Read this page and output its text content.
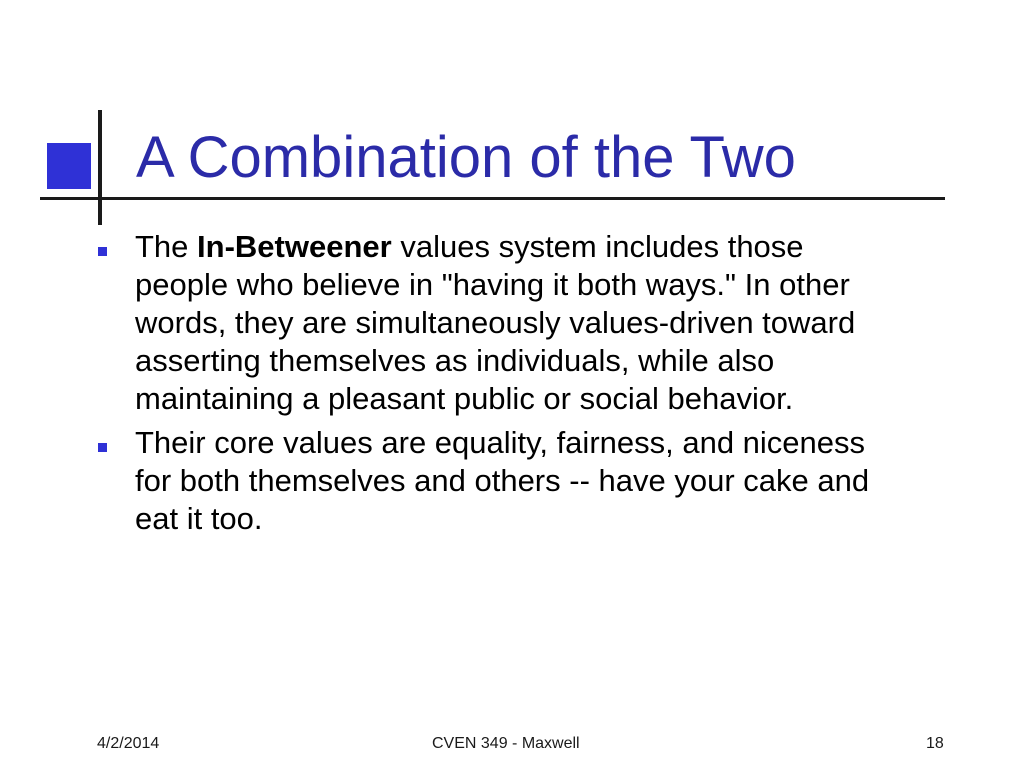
A Combination of the Two
The In-Betweener values system includes those people who believe in "having it both ways." In other words, they are simultaneously values-driven toward asserting themselves as individuals, while also maintaining a pleasant public or social behavior.
Their core values are equality, fairness, and niceness for both themselves and others -- have your cake and eat it too.
4/2/2014	CVEN 349 - Maxwell	18
